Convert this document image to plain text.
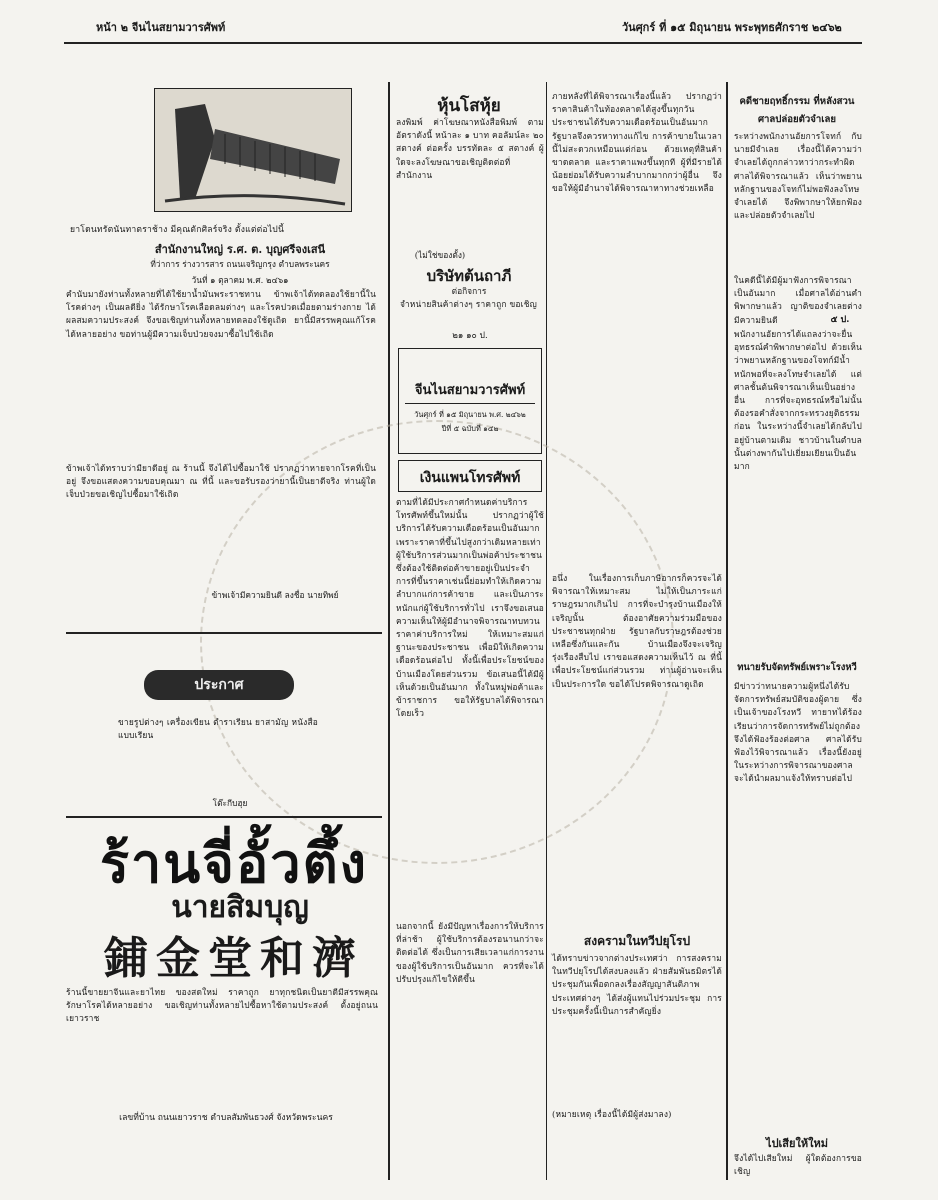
หน้า ๒ จีนไนสยามวารศัพท์	วันศุกร์ ที่ ๑๕ มิถุนายน พระพุทธศักราช ๒๔๖๒
ยาโดนทรัตนันทาตราช้าง มีคุณตักศิลร์จริง ตั้งแต่ต่อไปนี้
สำนักงานใหญ่ ร.ศ. ต. บุญศรีจงเสนี
ที่ว่าการ ร่างวารสาร ถนนเจริญกรุง ตำบลพระนคร
วันที่ ๑ ตุลาคม พ.ศ. ๒๔๖๑
คำนับมายังท่านทั้งหลายที่ได้ใช้ยาน้ำมันพระราชทาน ข้าพเจ้าได้ทดลองใช้ยานี้ในโรคต่างๆ เป็นผลดียิ่ง ได้รักษาโรคเลือดลมต่างๆ และโรคปวดเมื่อยตามร่างกาย ได้ผลสมความประสงค์ จึงขอเชิญท่านทั้งหลายทดลองใช้ดูเถิด ยานี้มีสรรพคุณแก้โรคได้หลายอย่าง ขอท่านผู้มีความเจ็บป่วยจงมาซื้อไปใช้เถิด
ข้าพเจ้าได้ทราบว่ามียาดีอยู่ ณ ร้านนี้ จึงได้ไปซื้อมาใช้ ปรากฏว่าหายจากโรคที่เป็นอยู่ จึงขอแสดงความขอบคุณมา ณ ที่นี้ และขอรับรองว่ายานี้เป็นยาดีจริง ท่านผู้ใดเจ็บป่วยขอเชิญไปซื้อมาใช้เถิด
ข้าพเจ้ามีความยินดี ลงชื่อ นายทิพย์
ประกาศ
ขายรูปต่างๆ เครื่องเขียน ตำราเรียน ยาสามัญ หนังสือ แบบเรียน
โต๊ะกีบฮุย
ร้านจี่อั้วตึ้ง
นายสิมบุญ
鋪金堂和濟
ร้านนี้ขายยาจีนและยาไทย ของสดใหม่ ราคาถูก ยาทุกชนิดเป็นยาดีมีสรรพคุณ รักษาโรคได้หลายอย่าง ขอเชิญท่านทั้งหลายไปซื้อหาใช้ตามประสงค์ ตั้งอยู่ถนนเยาวราช
เลขที่บ้าน ถนนเยาวราช ตำบลสัมพันธวงศ์ จังหวัดพระนคร
หุ้นโสหุ้ย
ลงพิมพ์ ค่าโฆษณาหนังสือพิมพ์ ตามอัตราดังนี้ หน้าละ ๑ บาท คอลัมน์ละ ๒๐ สตางค์ ต่อครั้ง บรรทัดละ ๕ สตางค์ ผู้ใดจะลงโฆษณาขอเชิญติดต่อที่สำนักงาน
(ไม่ใช่ของตั้ง)
บริษัทต้นถาภี
ต่อกิจการ
จำหน่ายสินค้าต่างๆ ราคาถูก ขอเชิญ
๒๑ ๑๐ ป.
จีนไนสยามวารศัพท์
วันศุกร์ ที่ ๑๕ มิถุนายน พ.ศ. ๒๔๖๒
ปีที่ ๕ ฉบับที่ ๑๔๒
เงินแพนโทรศัพท์
ตามที่ได้มีประกาศกำหนดค่าบริการโทรศัพท์ขึ้นใหม่นั้น ปรากฏว่าผู้ใช้บริการได้รับความเดือดร้อนเป็นอันมาก เพราะราคาที่ขึ้นไปสูงกว่าเดิมหลายเท่า ผู้ใช้บริการส่วนมากเป็นพ่อค้าประชาชนซึ่งต้องใช้ติดต่อค้าขายอยู่เป็นประจำ การที่ขึ้นราคาเช่นนี้ย่อมทำให้เกิดความลำบากแก่การค้าขาย และเป็นภาระหนักแก่ผู้ใช้บริการทั่วไป เราจึงขอเสนอความเห็นให้ผู้มีอำนาจพิจารณาทบทวนราคาค่าบริการใหม่ ให้เหมาะสมแก่ฐานะของประชาชน เพื่อมิให้เกิดความเดือดร้อนต่อไป ทั้งนี้เพื่อประโยชน์ของบ้านเมืองโดยส่วนรวม ข้อเสนอนี้ได้มีผู้เห็นด้วยเป็นอันมาก ทั้งในหมู่พ่อค้าและข้าราชการ ขอให้รัฐบาลได้พิจารณาโดยเร็ว
นอกจากนี้ ยังมีปัญหาเรื่องการให้บริการที่ล่าช้า ผู้ใช้บริการต้องรอนานกว่าจะติดต่อได้ ซึ่งเป็นการเสียเวลาแก่การงานของผู้ใช้บริการเป็นอันมาก ควรที่จะได้ปรับปรุงแก้ไขให้ดีขึ้น
ภายหลังที่ได้พิจารณาเรื่องนี้แล้ว ปรากฏว่าราคาสินค้าในท้องตลาดได้สูงขึ้นทุกวัน ประชาชนได้รับความเดือดร้อนเป็นอันมาก รัฐบาลจึงควรหาทางแก้ไข การค้าขายในเวลานี้ไม่สะดวกเหมือนแต่ก่อน ด้วยเหตุที่สินค้าขาดตลาด และราคาแพงขึ้นทุกที ผู้ที่มีรายได้น้อยย่อมได้รับความลำบากมากกว่าผู้อื่น จึงขอให้ผู้มีอำนาจได้พิจารณาหาทางช่วยเหลือ
อนึ่ง ในเรื่องการเก็บภาษีอากรก็ควรจะได้พิจารณาให้เหมาะสม ไม่ให้เป็นภาระแก่ราษฎรมากเกินไป การที่จะบำรุงบ้านเมืองให้เจริญนั้น ต้องอาศัยความร่วมมือของประชาชนทุกฝ่าย รัฐบาลกับราษฎรต้องช่วยเหลือซึ่งกันและกัน บ้านเมืองจึงจะเจริญรุ่งเรืองสืบไป เราขอแสดงความเห็นไว้ ณ ที่นี้ เพื่อประโยชน์แก่ส่วนรวม ท่านผู้อ่านจะเห็นเป็นประการใด ขอได้โปรดพิจารณาดูเถิด
สงครามในทวีปยุโรป
ได้ทราบข่าวจากต่างประเทศว่า การสงครามในทวีปยุโรปได้สงบลงแล้ว ฝ่ายสัมพันธมิตรได้ประชุมกันเพื่อตกลงเรื่องสัญญาสันติภาพ ประเทศต่างๆ ได้ส่งผู้แทนไปร่วมประชุม การประชุมครั้งนี้เป็นการสำคัญยิ่ง
(หมายเหตุ เรื่องนี้ได้มีผู้ส่งมาลง)
คดีชายฤทธิ์กรรม ที่หลังสวน
ศาลปล่อยตัวจำเลย
ระหว่างพนักงานอัยการโจทก์ กับนายมีจำเลย เรื่องนี้ได้ความว่าจำเลยได้ถูกกล่าวหาว่ากระทำผิด ศาลได้พิจารณาแล้ว เห็นว่าพยานหลักฐานของโจทก์ไม่พอฟังลงโทษจำเลยได้ จึงพิพากษาให้ยกฟ้องและปล่อยตัวจำเลยไป
ในคดีนี้ได้มีผู้มาฟังการพิจารณาเป็นอันมาก เมื่อศาลได้อ่านคำพิพากษาแล้ว ญาติของจำเลยต่างมีความยินดี	๕ ป.
พนักงานอัยการได้แถลงว่าจะยื่นอุทธรณ์คำพิพากษาต่อไป ด้วยเห็นว่าพยานหลักฐานของโจทก์มีน้ำหนักพอที่จะลงโทษจำเลยได้ แต่ศาลชั้นต้นพิจารณาเห็นเป็นอย่างอื่น การที่จะอุทธรณ์หรือไม่นั้น ต้องรอคำสั่งจากกระทรวงยุติธรรมก่อน ในระหว่างนี้จำเลยได้กลับไปอยู่บ้านตามเดิม ชาวบ้านในตำบลนั้นต่างพากันไปเยี่ยมเยียนเป็นอันมาก
ทนายรับจัดทรัพย์เพราะโรงหวี
มีข่าวว่าทนายความผู้หนึ่งได้รับจัดการทรัพย์สมบัติของผู้ตาย ซึ่งเป็นเจ้าของโรงหวี ทายาทได้ร้องเรียนว่าการจัดการทรัพย์ไม่ถูกต้อง จึงได้ฟ้องร้องต่อศาล ศาลได้รับฟ้องไว้พิจารณาแล้ว เรื่องนี้ยังอยู่ในระหว่างการพิจารณาของศาล จะได้นำผลมาแจ้งให้ทราบต่อไป
ไปเสียให้ใหม่
จึงได้ไปเสียใหม่ ผู้ใดต้องการขอเชิญ
